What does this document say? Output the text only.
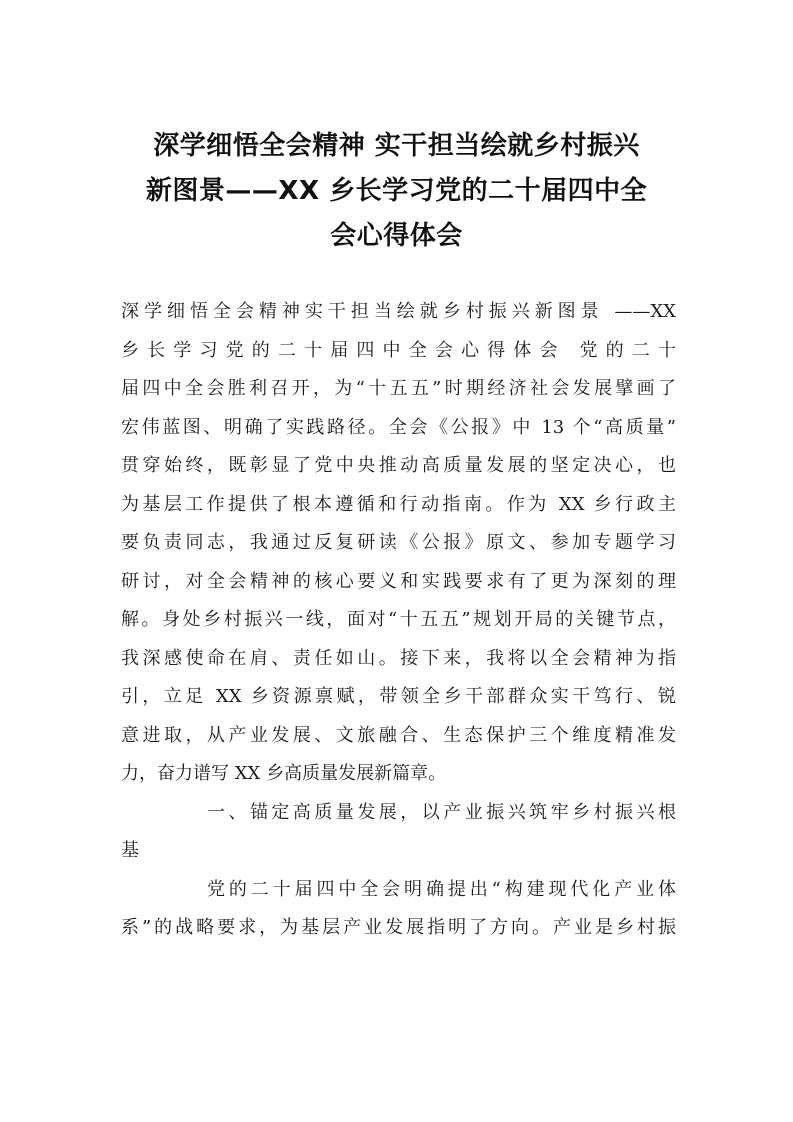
深学细悟全会精神 实干担当绘就乡村振兴
新图景——XX 乡长学习党的二十届四中全
会心得体会
深学细悟全会精神实干担当绘就乡村振兴新图景 ——XX
乡长学习党的二十届四中全会心得体会 党的二十
届四中全会胜利召开，为“十五五”时期经济社会发展擘画了
宏伟蓝图、明确了实践路径。全会《公报》中 13 个“高质量”
贯穿始终，既彰显了党中央推动高质量发展的坚定决心，也
为基层工作提供了根本遵循和行动指南。作为 XX 乡行政主
要负责同志，我通过反复研读《公报》原文、参加专题学习
研讨，对全会精神的核心要义和实践要求有了更为深刻的理
解。身处乡村振兴一线，面对“十五五”规划开局的关键节点，
我深感使命在肩、责任如山。接下来，我将以全会精神为指
引，立足 XX 乡资源禀赋，带领全乡干部群众实干笃行、锐
意进取，从产业发展、文旅融合、生态保护三个维度精准发
力，奋力谱写 XX 乡高质量发展新篇章。
一、锚定高质量发展，以产业振兴筑牢乡村振兴根
基
党的二十届四中全会明确提出“构建现代化产业体
系”的战略要求，为基层产业发展指明了方向。产业是乡村振
